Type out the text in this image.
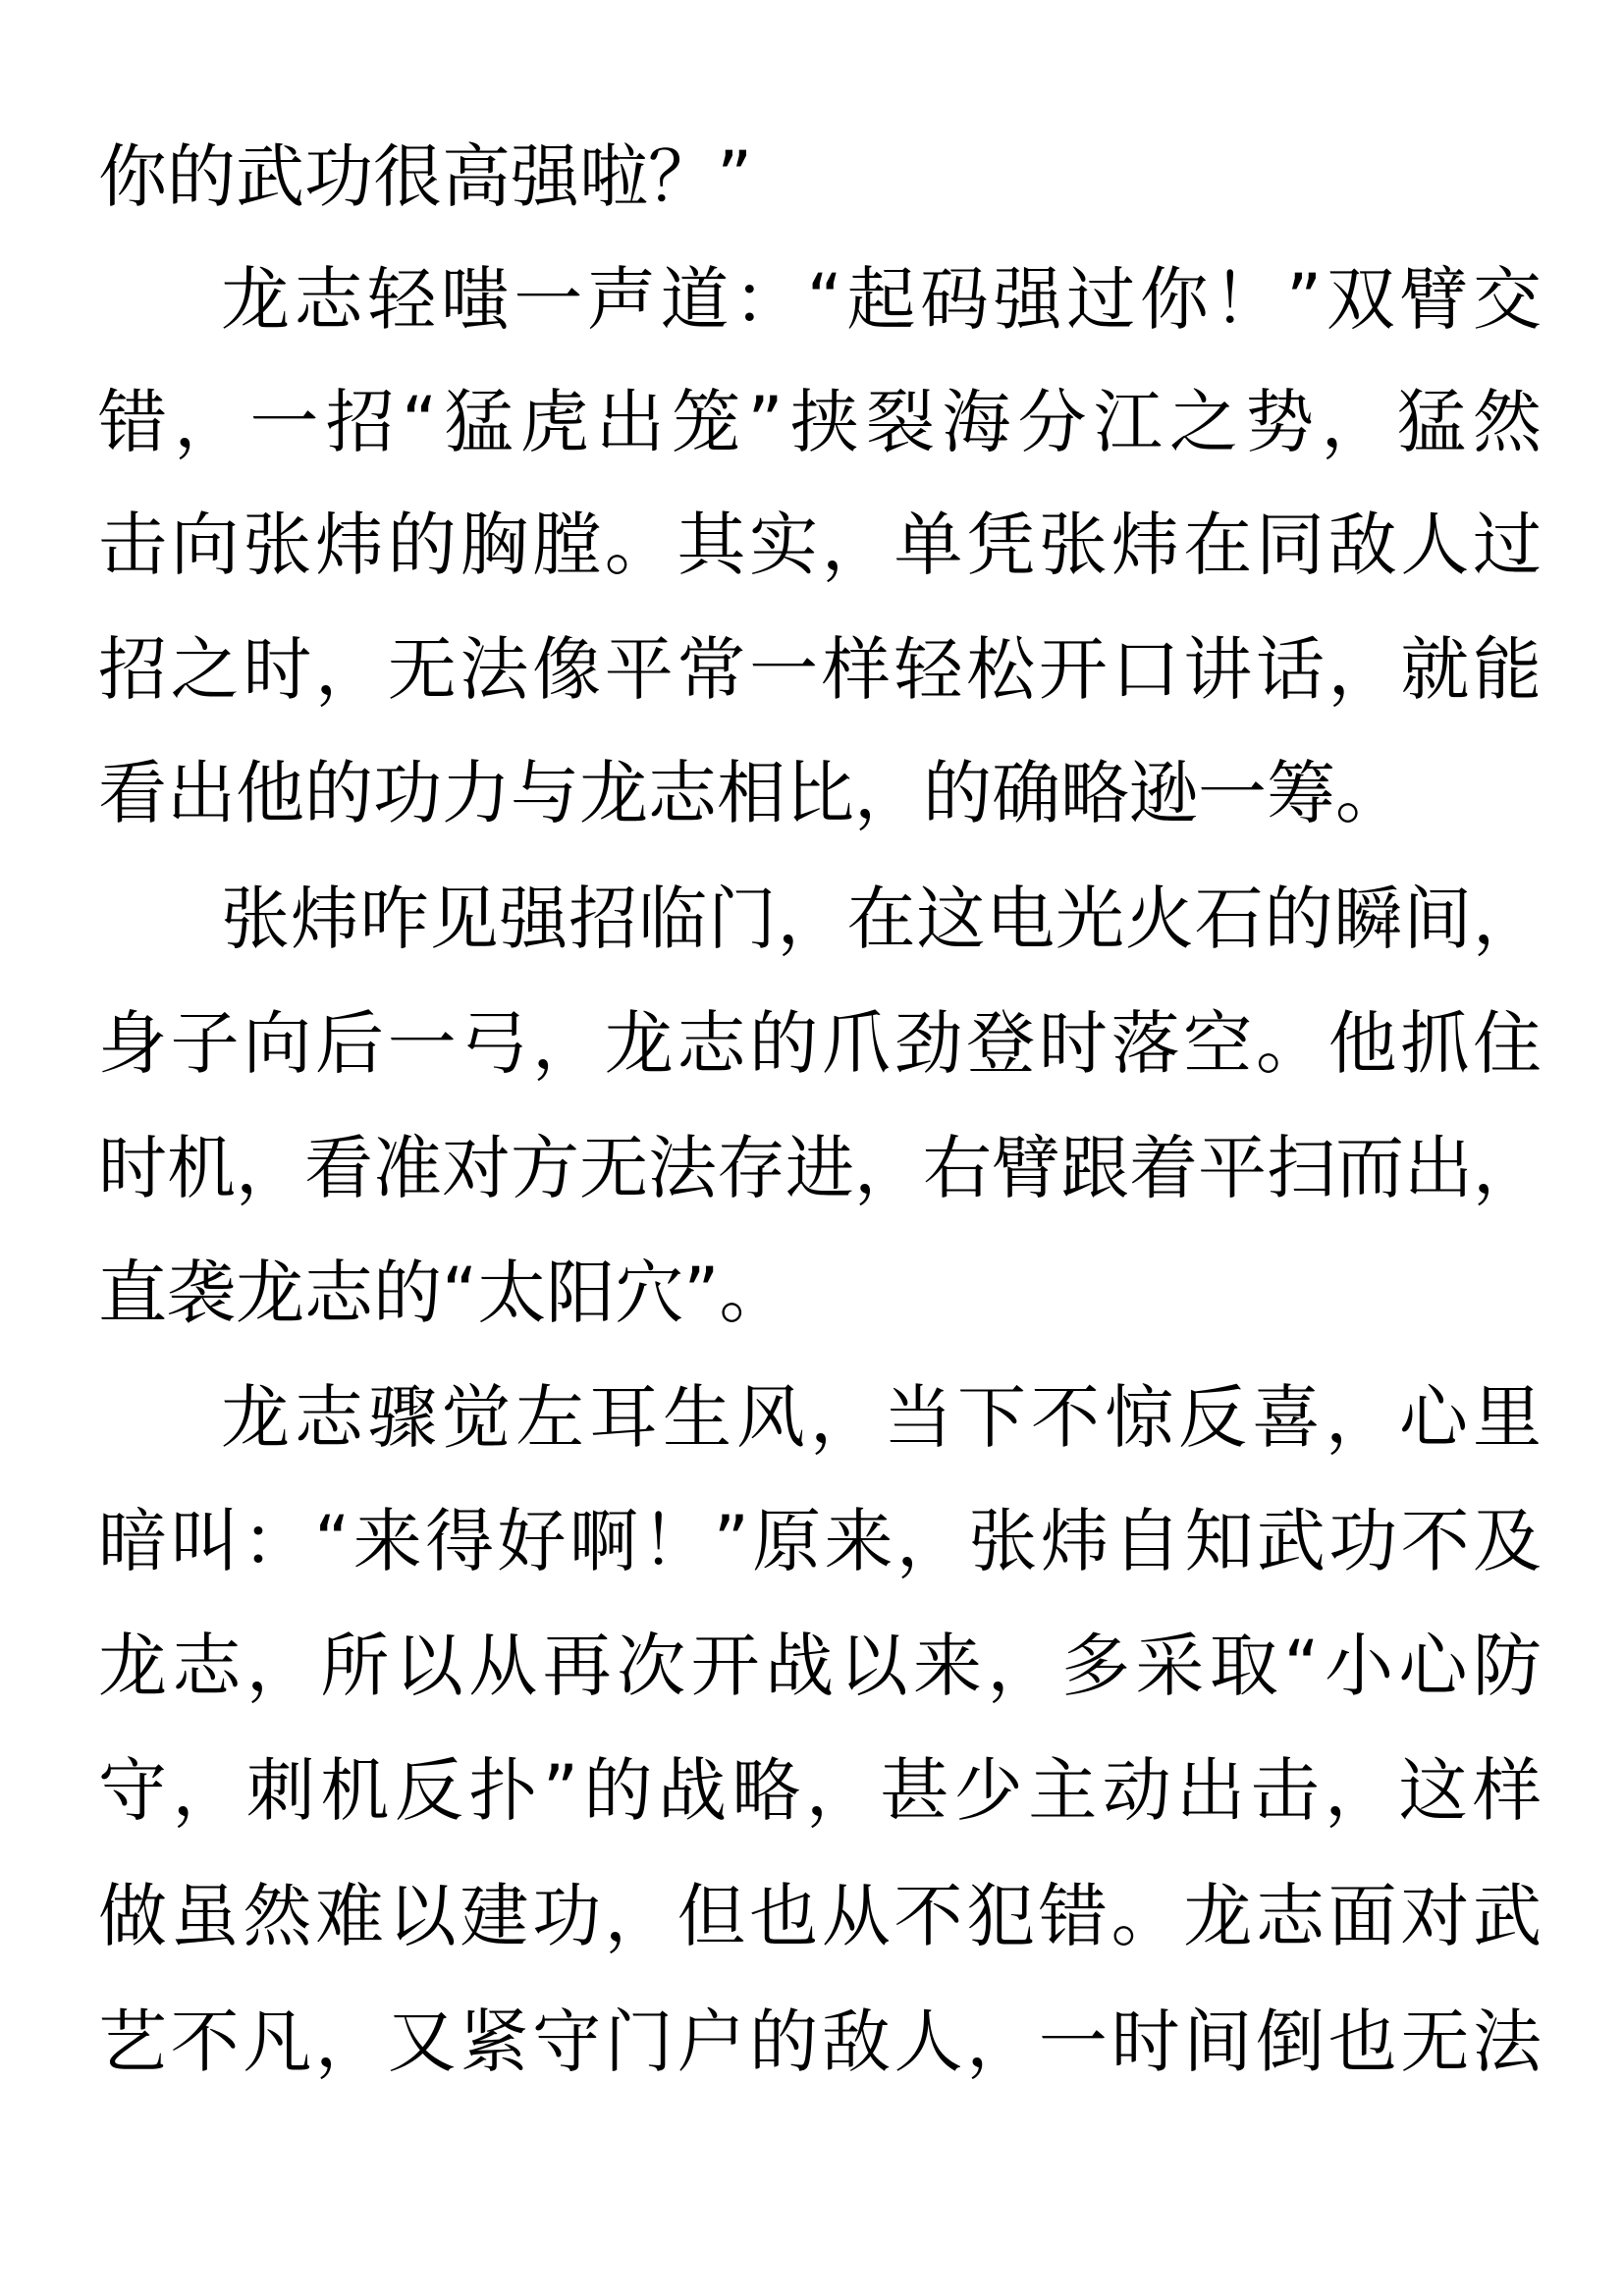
你的武功很高强啦？”
龙志轻嗤一声道：“起码强过你！”双臂交
错，一招“猛虎出笼”挟裂海分江之势，猛然
击向张炜的胸膛。其实，单凭张炜在同敌人过
招之时，无法像平常一样轻松开口讲话，就能
看出他的功力与龙志相比，的确略逊一筹。
张炜咋见强招临门，在这电光火石的瞬间，
身子向后一弓，龙志的爪劲登时落空。他抓住
时机，看准对方无法存进，右臂跟着平扫而出，
直袭龙志的“太阳穴”。
龙志骤觉左耳生风，当下不惊反喜，心里
暗叫：“来得好啊！”原来，张炜自知武功不及
龙志，所以从再次开战以来，多采取“小心防
守，刺机反扑”的战略，甚少主动出击，这样
做虽然难以建功，但也从不犯错。龙志面对武
艺不凡，又紧守门户的敌人，一时间倒也无法
